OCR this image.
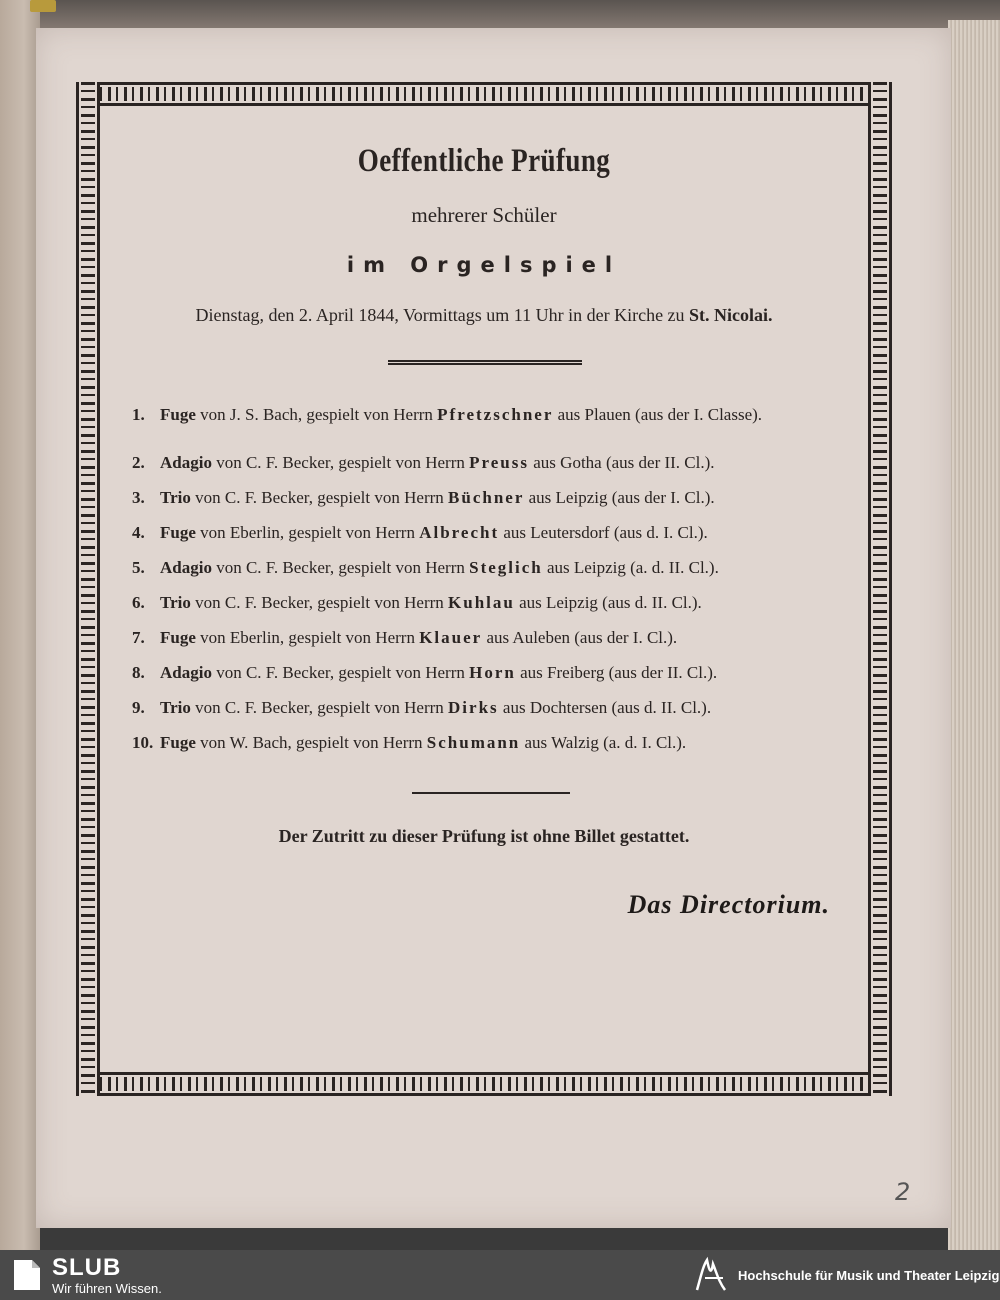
Oeffentliche Prüfung
mehrerer Schüler
im Orgelspiel
Dienstag, den 2. April 1844, Vormittags um 11 Uhr in der Kirche zu St. Nicolai.
1. Fuge von J. S. Bach, gespielt von Herrn Pfretzschner aus Plauen (aus der I. Classe).
2. Adagio von C. F. Becker, gespielt von Herrn Preuss aus Gotha (aus der II. Cl.).
3. Trio von C. F. Becker, gespielt von Herrn Büchner aus Leipzig (aus der I. Cl.).
4. Fuge von Eberlin, gespielt von Herrn Albrecht aus Leutersdorf (aus d. I. Cl.).
5. Adagio von C. F. Becker, gespielt von Herrn Steglich aus Leipzig (a. d. II. Cl.).
6. Trio von C. F. Becker, gespielt von Herrn Kuhlau aus Leipzig (aus d. II. Cl.).
7. Fuge von Eberlin, gespielt von Herrn Klauer aus Auleben (aus der I. Cl.).
8. Adagio von C. F. Becker, gespielt von Herrn Horn aus Freiberg (aus der II. Cl.).
9. Trio von C. F. Becker, gespielt von Herrn Dirks aus Dochtersen (aus d. II. Cl.).
10. Fuge von W. Bach, gespielt von Herrn Schumann aus Walzig (a. d. I. Cl.).
Der Zutritt zu dieser Prüfung ist ohne Billet gestattet.
Das Directorium.
2
SLUB
Wir führen Wissen.
Hochschule für Musik und Theater Leipzig
